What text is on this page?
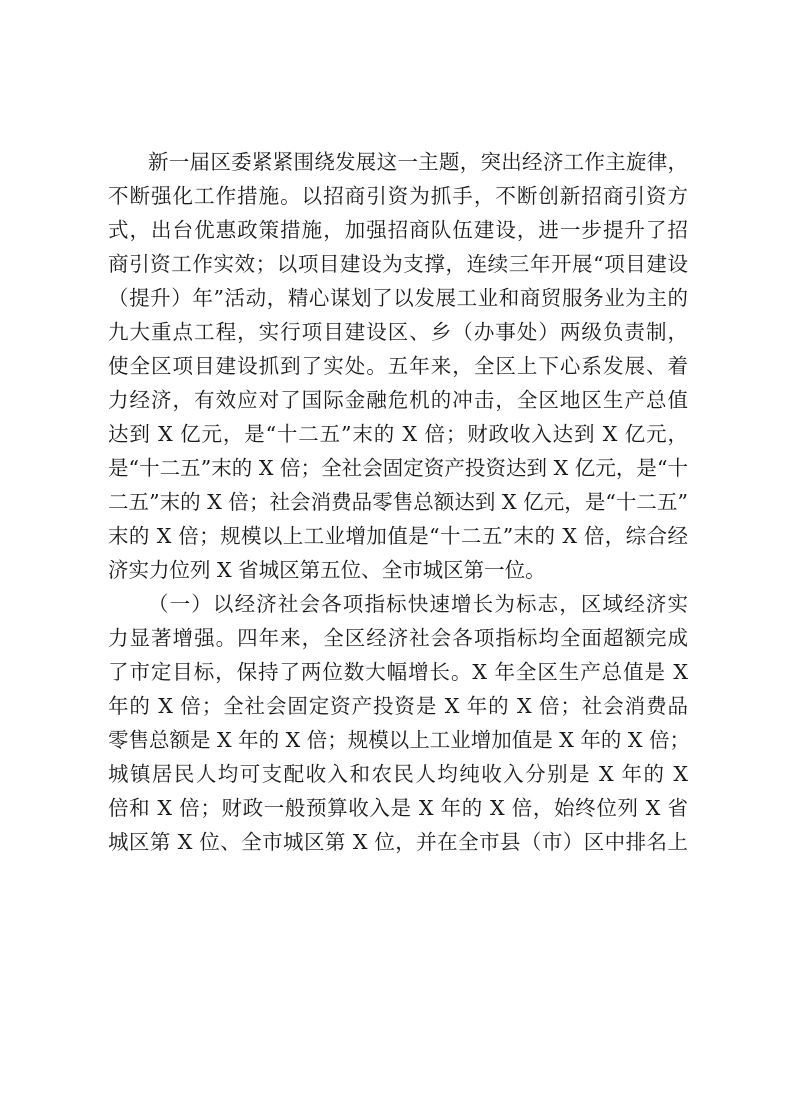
新一届区委紧紧围绕发展这一主题，突出经济工作主旋律，
不断强化工作措施。以招商引资为抓手，不断创新招商引资方
式，出台优惠政策措施，加强招商队伍建设，进一步提升了招
商引资工作实效；以项目建设为支撑，连续三年开展“项目建设
（提升）年”活动，精心谋划了以发展工业和商贸服务业为主的
九大重点工程，实行项目建设区、乡（办事处）两级负责制，
使全区项目建设抓到了实处。五年来，全区上下心系发展、着
力经济，有效应对了国际金融危机的冲击，全区地区生产总值
达到 X 亿元，是“十二五”末的 X 倍；财政收入达到 X 亿元，
是“十二五”末的 X 倍；全社会固定资产投资达到 X 亿元，是“十
二五”末的 X 倍；社会消费品零售总额达到 X 亿元，是“十二五”
末的 X 倍；规模以上工业增加值是“十二五”末的 X 倍，综合经
济实力位列 X 省城区第五位、全市城区第一位。
（一）以经济社会各项指标快速增长为标志，区域经济实
力显著增强。四年来，全区经济社会各项指标均全面超额完成
了市定目标，保持了两位数大幅增长。X 年全区生产总值是 X
年的 X 倍；全社会固定资产投资是 X 年的 X 倍；社会消费品
零售总额是 X 年的 X 倍；规模以上工业增加值是 X 年的 X 倍；
城镇居民人均可支配收入和农民人均纯收入分别是 X 年的 X
倍和 X 倍；财政一般预算收入是 X 年的 X 倍，始终位列 X 省
城区第 X 位、全市城区第 X 位，并在全市县（市）区中排名上
